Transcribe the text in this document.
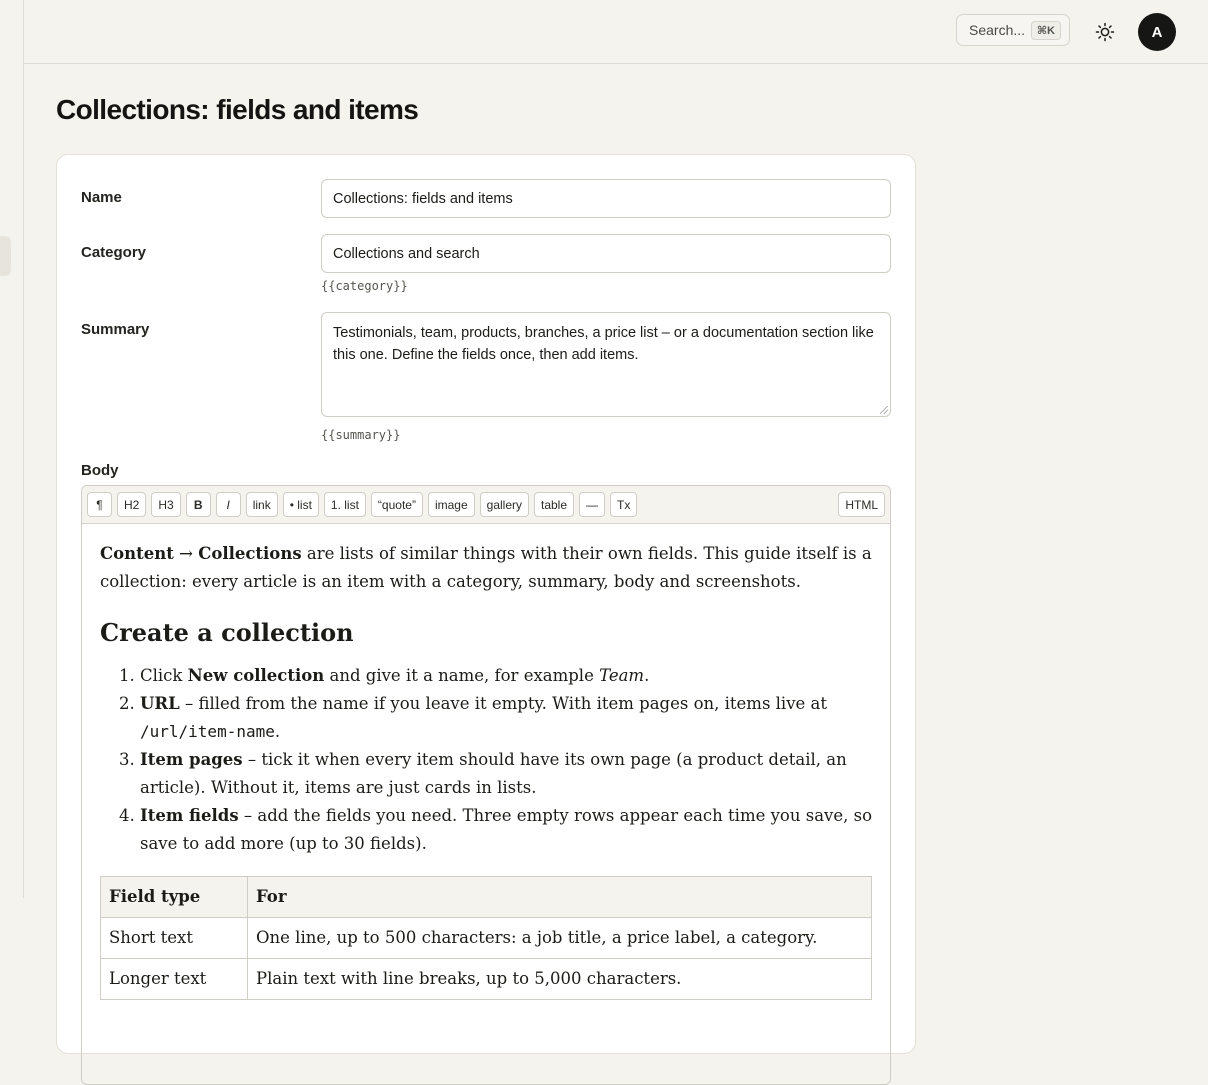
Search...	⌘K	A
Collections: fields and items
Name	Collections: fields and items
Category	Collections and search
{{category}}
Summary	Testimonials, team, products, branches, a price list – or a documentation section like this one. Define the fields once, then add items.
{{summary}}
Body
¶	H2	H3	B	I	link	• list	1. list	“quote”	image	gallery	table	—	Tx	HTML

Content → Collections are lists of similar things with their own fields. This guide itself is a collection: every article is an item with a category, summary, body and screenshots.

Create a collection
1. Click New collection and give it a name, for example Team.
2. URL – filled from the name if you leave it empty. With item pages on, items live at /url/item-name.
3. Item pages – tick it when every item should have its own page (a product detail, an article). Without it, items are just cards in lists.
4. Item fields – add the fields you need. Three empty rows appear each time you save, so save to add more (up to 30 fields).
Field type	For
Short text	One line, up to 500 characters: a job title, a price label, a category.
Longer text	Plain text with line breaks, up to 5,000 characters.
